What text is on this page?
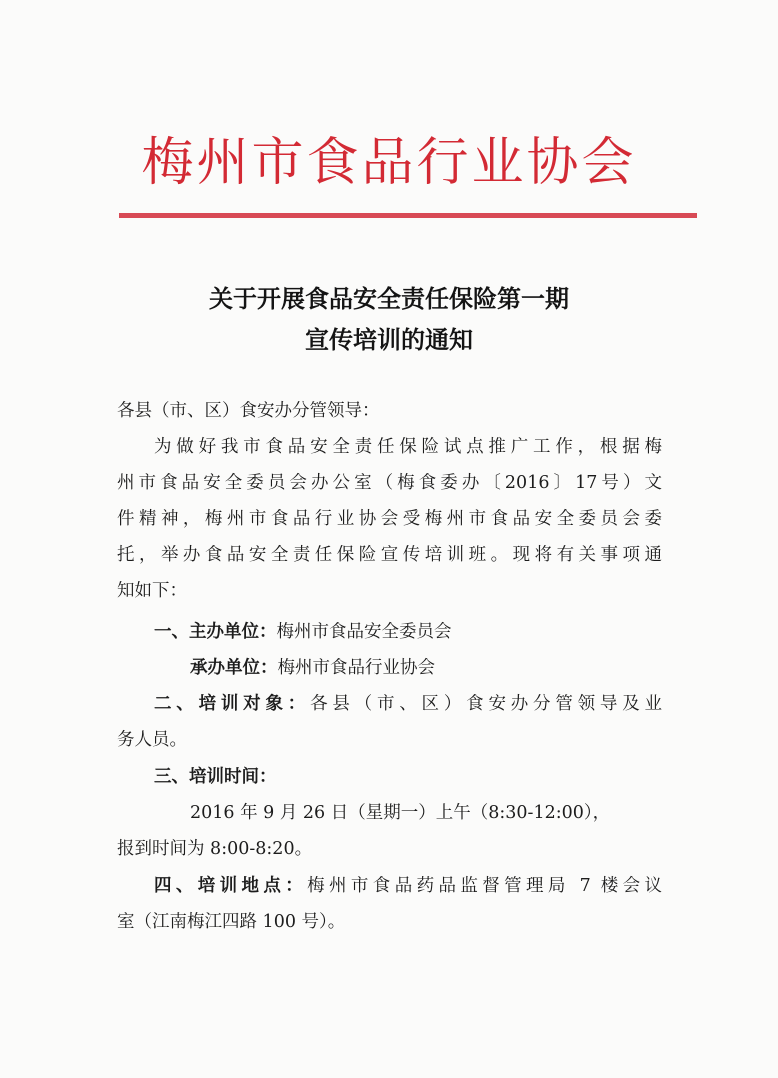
梅州市食品行业协会
关于开展食品安全责任保险第一期
宣传培训的通知
各县（市、区）食安办分管领导：
为做好我市食品安全责任保险试点推广工作，根据梅
州市食品安全委员会办公室（梅食委办〔2016〕17号）文
件精神，梅州市食品行业协会受梅州市食品安全委员会委
托，举办食品安全责任保险宣传培训班。现将有关事项通
知如下：
一、主办单位：梅州市食品安全委员会
承办单位：梅州市食品行业协会
二、培训对象：各县（市、区）食安办分管领导及业
务人员。
三、培训时间：
2016 年 9 月 26 日（星期一）上午（8:30-12:00），
报到时间为 8:00-8:20。
四、培训地点：梅州市食品药品监督管理局 7 楼会议
室（江南梅江四路 100 号）。
